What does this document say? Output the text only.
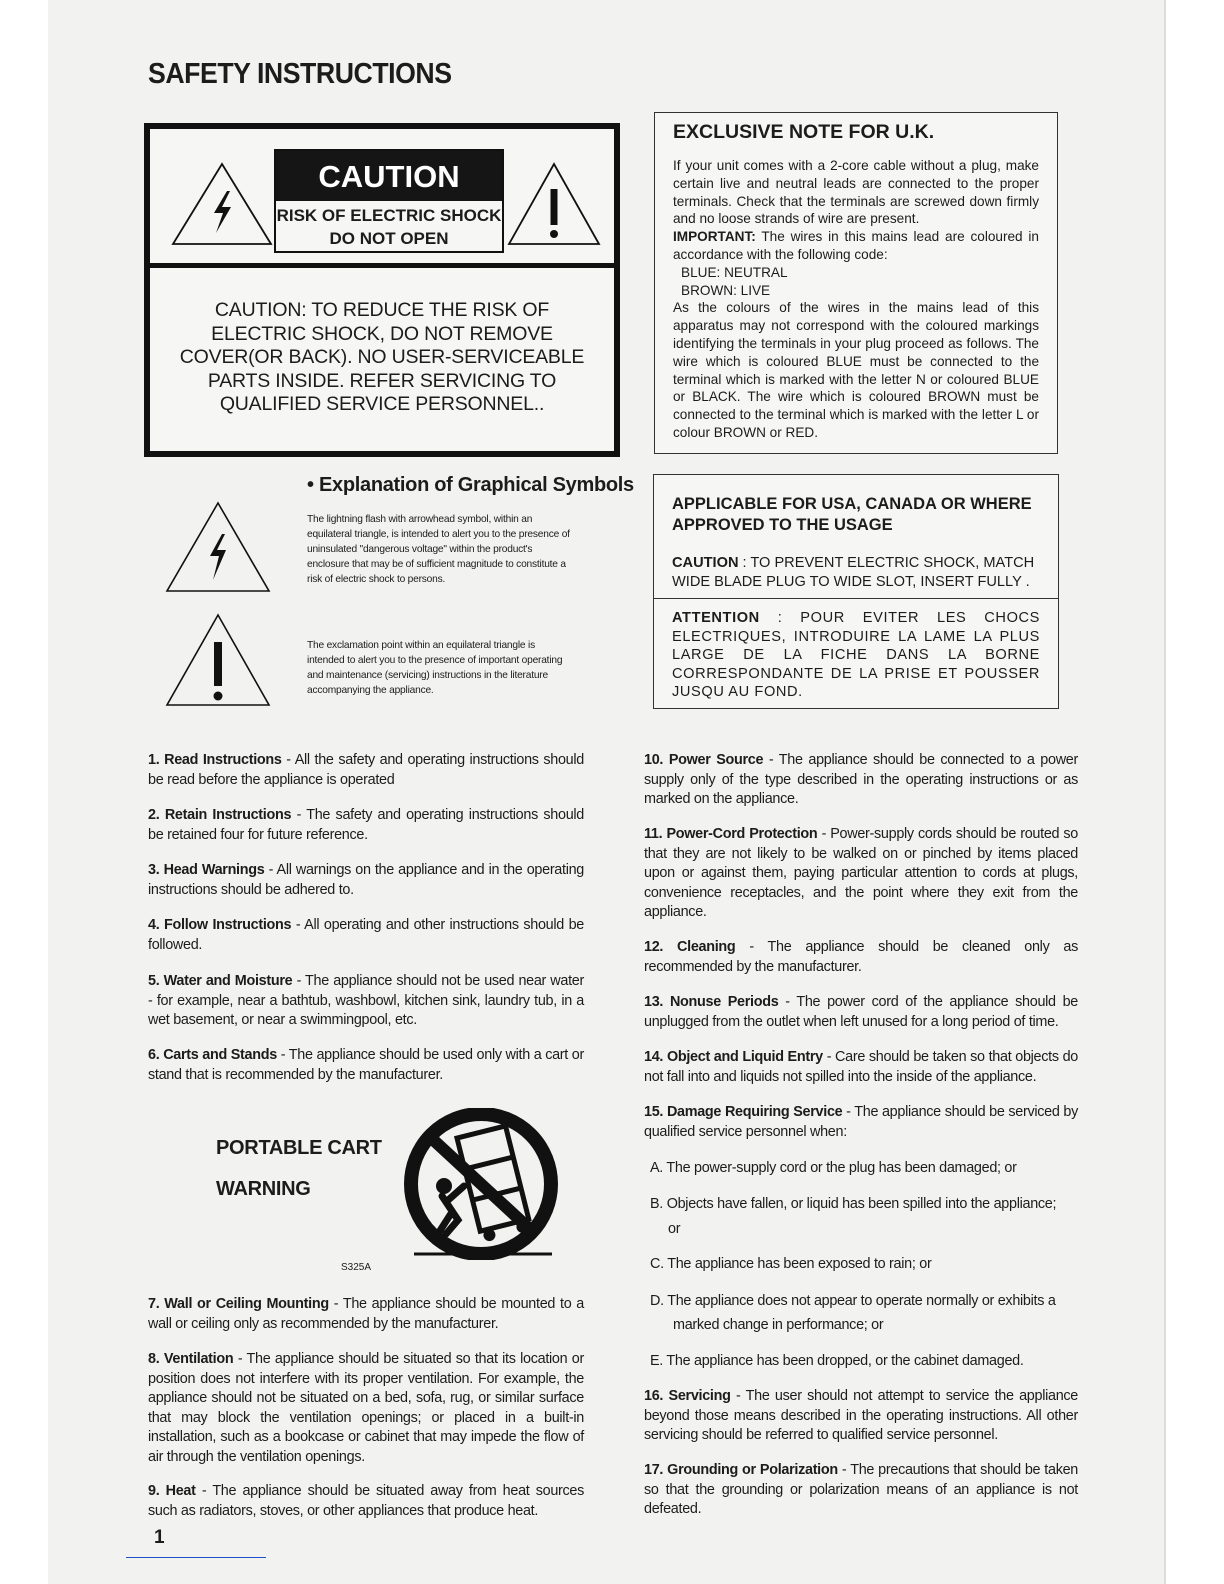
SAFETY INSTRUCTIONS
CAUTION
RISK OF ELECTRIC SHOCK
DO NOT OPEN
CAUTION: TO REDUCE THE RISK OF
ELECTRIC SHOCK, DO NOT REMOVE
COVER(OR BACK). NO USER-SERVICEABLE
PARTS INSIDE. REFER SERVICING TO
QUALIFIED SERVICE PERSONNEL..
EXCLUSIVE NOTE FOR U.K.

If your unit comes with a 2-core cable without a plug, make certain live and neutral leads are connected to the proper terminals. Check that the terminals are screwed down firmly and no loose strands of wire are present.

IMPORTANT: The wires in this mains lead are coloured in accordance with the following code:

BLUE: NEUTRAL

BROWN: LIVE

As the colours of the wires in the mains lead of this apparatus may not correspond with the coloured markings identifying the terminals in your plug proceed as follows. The wire which is coloured BLUE must be connected to the terminal which is marked with the letter N or coloured BLUE or BLACK. The wire which is coloured BROWN must be connected to the terminal which is marked with the letter L or colour BROWN or RED.

• Explanation of Graphical Symbols
The lightning flash with arrowhead symbol, within an equilateral triangle, is intended to alert you to the presence of uninsulated "dangerous voltage" within the product's enclosure that may be of sufficient magnitude to constitute a risk of electric shock to persons.
The exclamation point within an equilateral triangle is intended to alert you to the presence of important operating and maintenance (servicing) instructions in the literature accompanying the appliance.
APPLICABLE FOR USA, CANADA OR WHERE APPROVED TO THE USAGE
CAUTION : TO PREVENT ELECTRIC SHOCK, MATCH WIDE BLADE PLUG TO WIDE SLOT, INSERT FULLY .
ATTENTION : POUR EVITER LES CHOCS ELECTRIQUES, INTRODUIRE LA LAME LA PLUS LARGE DE LA FICHE DANS LA BORNE CORRESPONDANTE DE LA PRISE ET POUSSER JUSQU AU FOND.
1. Read Instructions - All the safety and operating instructions should be read before the appliance is operated
2. Retain Instructions - The safety and operating instructions should be retained four for future reference.
3. Head Warnings - All warnings on the appliance and in the operating instructions should be adhered to.
4. Follow Instructions - All operating and other instructions should be followed.
5. Water and Moisture - The appliance should not be used near water - for example, near a bathtub, washbowl, kitchen sink, laundry tub, in a wet basement, or near a swimmingpool, etc.
6. Carts and Stands - The appliance should be used only with a cart or stand that is recommended by the manufacturer.
PORTABLE CART
WARNING
S325A
7. Wall or Ceiling Mounting - The appliance should be mounted to a wall or ceiling only as recommended by the manufacturer.
8. Ventilation - The appliance should be situated so that its location or position does not interfere with its proper ventilation. For example, the appliance should not be situated on a bed, sofa, rug, or similar surface that may block the ventilation openings; or placed in a built-in installation, such as a bookcase or cabinet that may impede the flow of air through the ventilation openings.
9. Heat - The appliance should be situated away from heat sources such as radiators, stoves, or other appliances that produce heat.
10. Power Source - The appliance should be connected to a power supply only of the type described in the operating instructions or as marked on the appliance.
11. Power-Cord Protection - Power-supply cords should be routed so that they are not likely to be walked on or pinched by items placed upon or against them, paying particular attention to cords at plugs, convenience receptacles, and the point where they exit from the appliance.
12. Cleaning - The appliance should be cleaned only as recommended by the manufacturer.
13. Nonuse Periods - The power cord of the appliance should be unplugged from the outlet when left unused for a long period of time.
14. Object and Liquid Entry - Care should be taken so that objects do not fall into and liquids not spilled into the inside of the appliance.
15. Damage Requiring Service - The appliance should be serviced by qualified service personnel when:
A. The power-supply cord or the plug has been damaged; or
B. Objects have fallen, or liquid has been spilled into the appliance;
or
C. The appliance has been exposed to rain; or
D. The appliance does not appear to operate normally or exhibits a
marked change in performance; or
E. The appliance has been dropped, or the cabinet damaged.
16. Servicing - The user should not attempt to service the appliance beyond those means described in the operating instructions. All other servicing should be referred to qualified service personnel.
17. Grounding or Polarization - The precautions that should be taken so that the grounding or polarization means of an appliance is not defeated.
1
